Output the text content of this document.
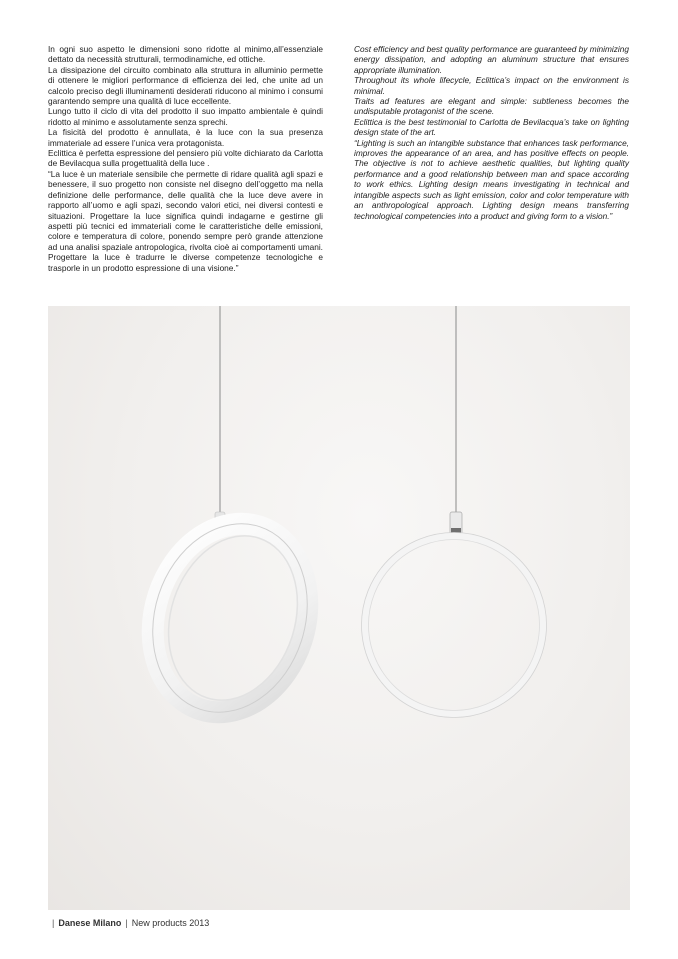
In ogni suo aspetto le dimensioni sono ridotte al minimo,all’essenziale dettato da necessità strutturali, termodinamiche, ed ottiche.

La dissipazione del circuito combinato alla struttura in alluminio permette di ottenere le migliori performance di efficienza dei led, che unite ad un calcolo preciso degli illuminamenti desiderati riducono al minimo i consumi garantendo sempre una qualità di luce eccellente.

Lungo tutto il ciclo di vita del prodotto il suo impatto ambientale è quindi ridotto al minimo e assolutamente senza sprechi.

La fisicità del prodotto è annullata, è la luce con la sua presenza immateriale ad essere l’unica vera protagonista.

Eclittica è perfetta espressione del pensiero più volte dichiarato da Carlotta de Bevilacqua sulla progettualità della luce .

“La luce è un materiale sensibile che permette di ridare qualità agli spazi e benessere, il suo progetto non consiste nel disegno dell’oggetto ma nella definizione delle performance, delle qualità che la luce deve avere in rapporto all’uomo e agli spazi, secondo valori etici, nei diversi contesti e situazioni. Progettare la luce significa quindi indagarne e gestirne gli aspetti più tecnici ed immateriali come le caratteristiche delle emissioni, colore e temperatura di colore, ponendo sempre però grande attenzione ad una analisi spaziale antropologica, rivolta cioè ai comportamenti umani. Progettare la luce è tradurre le diverse competenze tecnologiche e trasporle in un prodotto espressione di una visione.”

Cost efficiency and best quality performance are guaranteed by minimizing energy dissipation, and adopting an aluminum structure that ensures appropriate illumination.

Throughout its whole lifecycle, Eclittica’s impact on the environment is minimal.

Traits ad features are elegant and simple: subtleness becomes the undisputable protagonist of the scene.

Eclittica is the best testimonial to Carlotta de Bevilacqua’s take on lighting design state of the art.

“Lighting is such an intangible substance that enhances task performance, improves the appearance of an area, and has positive effects on people. The objective is not to achieve aesthetic qualities, but lighting quality performance and a good relationship between man and space according to work ethics. Lighting design means investigating in technical and intangible aspects such as light emission, color and color temperature with an anthropological approach. Lighting design means transferring technological competencies into a product and giving form to a vision.”

| Danese Milano | New products 2013
